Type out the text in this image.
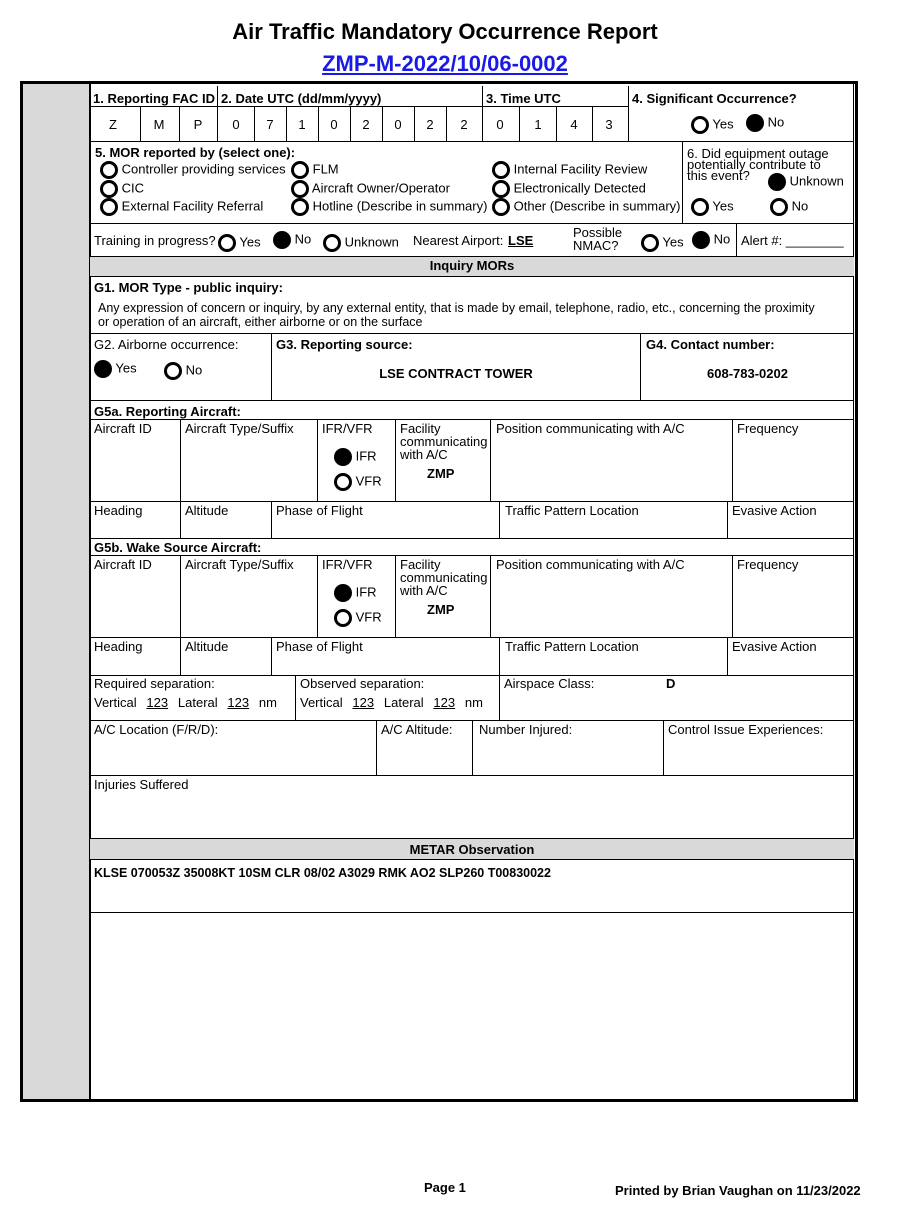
Air Traffic Mandatory Occurrence Report
ZMP-M-2022/10/06-0002
1. Reporting FAC ID 2. Date UTC (dd/mm/yyyy)	3. Time UTC	4. Significant Occurrence?
Z	M	P	0	7	1	0	2	0	2	2	0	1	4	3	Yes	No
5. MOR reported by (select one):
Controller providing services	FLM	Internal Facility Review
CIC	Aircraft Owner/Operator	Electronically Detected
External Facility Referral	Hotline (Describe in summary)	Other (Describe in summary)
6. Did equipment outage
potentially contribute to
this event?	Unknown
Yes	No
Training in progress?	Yes	No	Unknown Nearest Airport: LSE
Possible
NMAC?	Yes	No Alert #: ________
Inquiry MORs
G1. MOR Type - public inquiry:
Any expression of concern or inquiry, by any external entity, that is made by email, telephone, radio, etc., concerning the proximity
or operation of an aircraft, either airborne or on the surface
G2. Airborne occurrence:
Yes	No
G3. Reporting source:
LSE CONTRACT TOWER
G4. Contact number:
608-783-0202
G5a. Reporting Aircraft:
Aircraft ID	Aircraft Type/Suffix IFR/VFR
IFR
VFR
Facility
communicating
with A/C
ZMP
Position communicating with A/C	Frequency
Heading	Altitude	Phase of Flight	Traffic Pattern Location	Evasive Action
G5b. Wake Source Aircraft:
Aircraft ID	Aircraft Type/Suffix IFR/VFR
IFR
VFR
Facility
communicating
with A/C
ZMP
Position communicating with A/C	Frequency
Heading	Altitude	Phase of Flight	Traffic Pattern Location	Evasive Action
Required separation:
Vertical 123 Lateral 123 nm
Observed separation:
Vertical 123 Lateral 123 nm
Airspace Class:	D
A/C Location (F/R/D):	A/C Altitude: Number Injured:	Control Issue Experiences:
Injuries Suffered
METAR Observation
KLSE 070053Z 35008KT 10SM CLR 08/02 A3029 RMK AO2 SLP260 T00830022
Page 1	Printed by Brian Vaughan on 11/23/2022
